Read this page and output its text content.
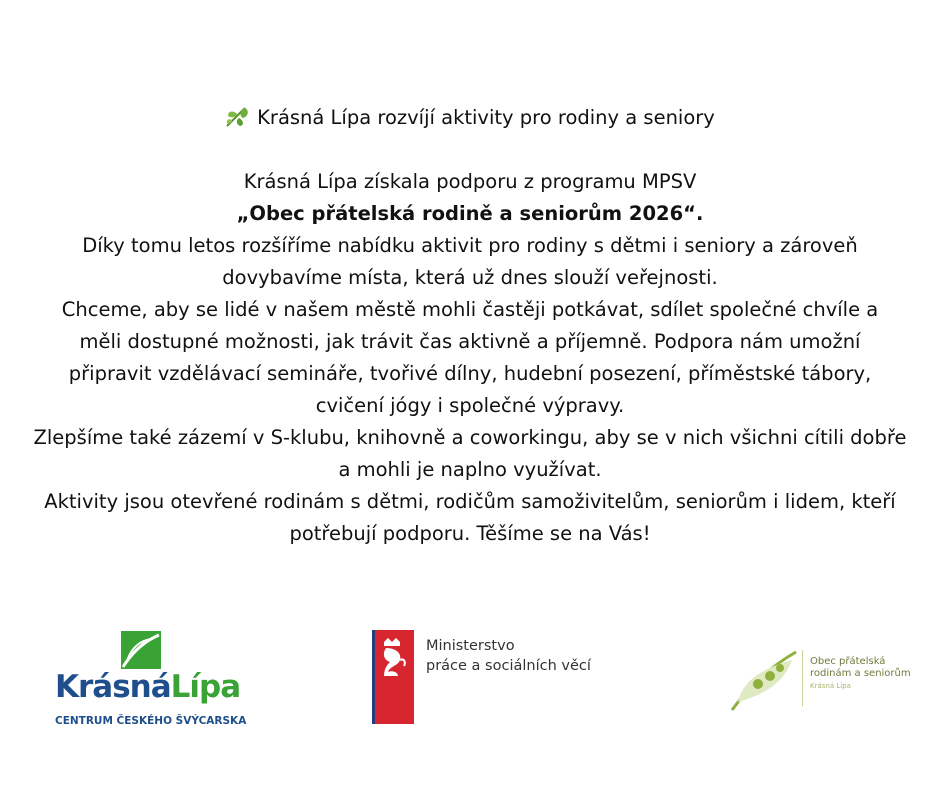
Krásná Lípa rozvíjí aktivity pro rodiny a seniory

Krásná Lípa získala podporu z programu MPSV

„Obec přátelská rodině a seniorům 2026“.

Díky tomu letos rozšíříme nabídku aktivit pro rodiny s dětmi i seniory a zároveň dovybavíme místa, která už dnes slouží veřejnosti.

Chceme, aby se lidé v našem městě mohli častěji potkávat, sdílet společné chvíle a měli dostupné možnosti, jak trávit čas aktivně a příjemně. Podpora nám umožní připravit vzdělávací semináře, tvořivé dílny, hudební posezení, příměstské tábory, cvičení jógy i společné výpravy.

Zlepšíme také zázemí v S-klubu, knihovně a coworkingu, aby se v nich všichni cítili dobře a mohli je naplno využívat.

Aktivity jsou otevřené rodinám s dětmi, rodičům samoživitelům, seniorům i lidem, kteří potřebují podporu. Těšíme se na Vás!

KrásnáLípa
CENTRUM ČESKÉHO ŠVÝCARSKA
Ministerstvo
práce a sociálních věcí	Obec přátelská
rodinám a seniorům
Krásná Lípa
